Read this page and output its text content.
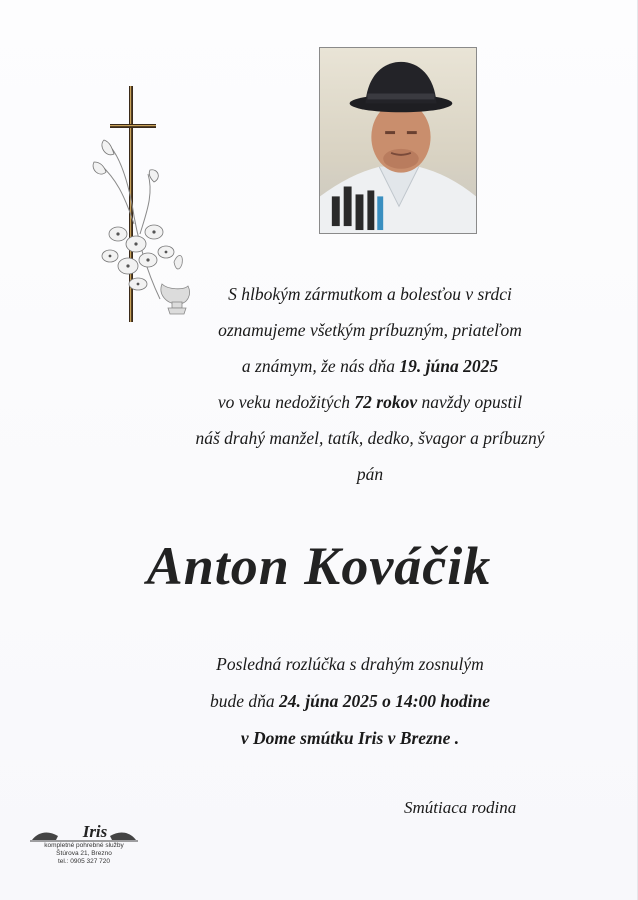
S hlbokým zármutkom a bolesťou v srdci
oznamujeme všetkým príbuzným, priateľom
a známym, že nás dňa 19. júna 2025
vo veku nedožitých 72 rokov navždy opustil
náš drahý manžel, tatík, dedko, švagor a príbuzný
pán
Anton Kováčik
Posledná rozlúčka s drahým zosnulým
bude dňa 24. júna 2025 o 14:00 hodine
v Dome smútku Iris v Brezne .
Smútiaca rodina
Iris
kompletné pohrebné služby
Štúrova 21, Brezno
tel.: 0905 327 720
